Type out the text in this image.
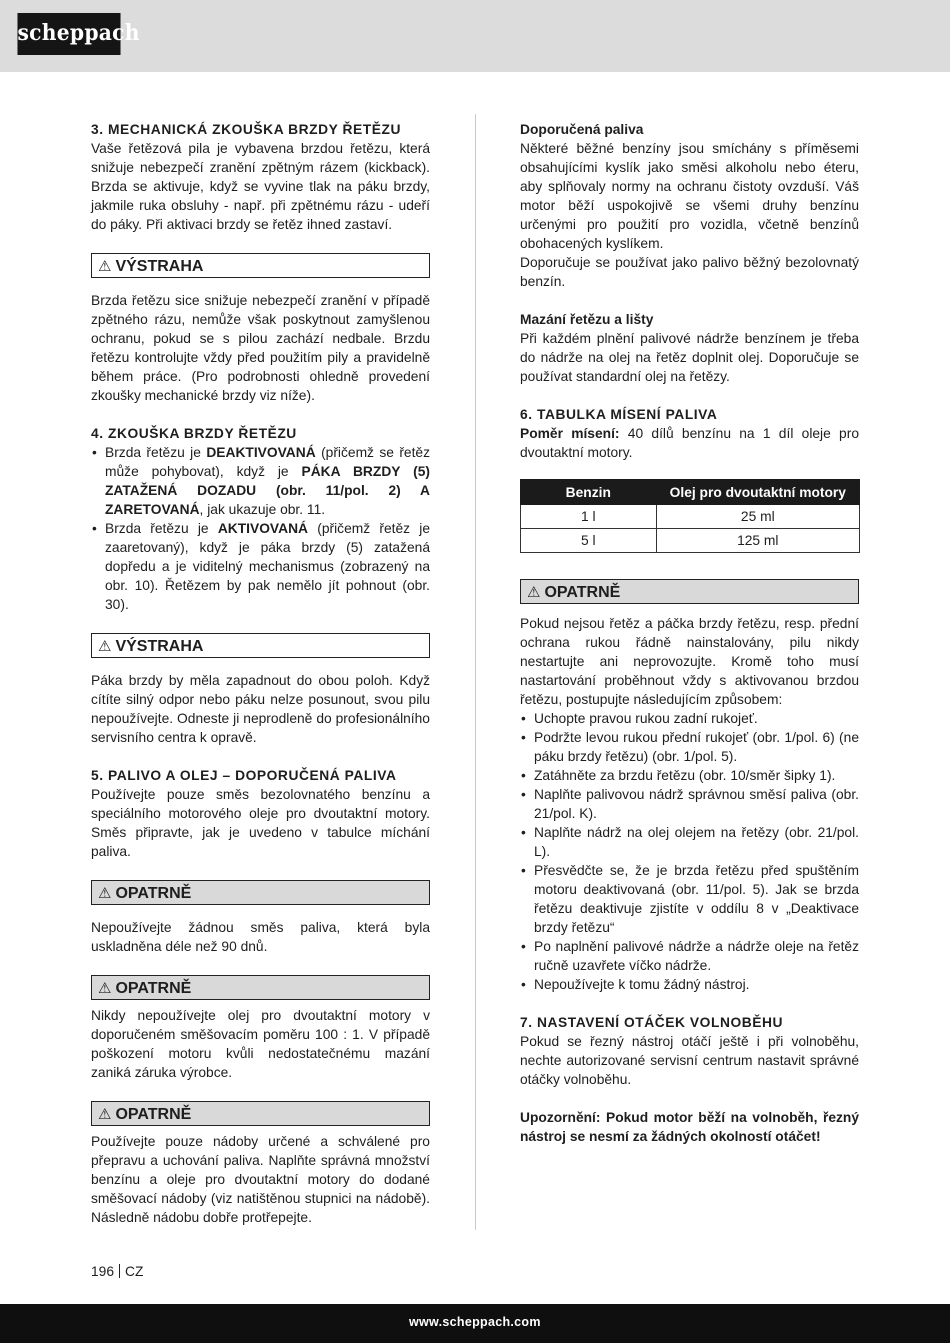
scheppach

3. MECHANICKÁ ZKOUŠKA BRZDY ŘETĚZU

Vaše řetězová pila je vybavena brzdou řetězu, která snižuje nebezpečí zranění zpětným rázem (kickback). Brzda se aktivuje, když se vyvine tlak na páku brzdy, jakmile ruka obsluhy - např. při zpětnému rázu - udeří do páky. Při aktivaci brzdy se řetěz ihned zastaví.

⚠ VÝSTRAHA

Brzda řetězu sice snižuje nebezpečí zranění v případě zpětného rázu, nemůže však poskytnout zamyšlenou ochranu, pokud se s pilou zachází nedbale. Brzdu řetězu kontrolujte vždy před použitím pily a pravidelně během práce. (Pro podrobnosti ohledně provedení zkoušky mechanické brzdy viz níže).

4. ZKOUŠKA BRZDY ŘETĚZU

• Brzda řetězu je DEAKTIVOVANÁ (přičemž se řetěz může pohybovat), když je PÁKA BRZDY (5) ZATAŽENÁ DOZADU (obr. 11/pol. 2) A ZARETOVANÁ, jak ukazuje obr. 11.
• Brzda řetězu je AKTIVOVANÁ (přičemž řetěz je zaaretovaný), když je páka brzdy (5) zatažená dopředu a je viditelný mechanismus (zobrazený na obr. 10). Řetězem by pak nemělo jít pohnout (obr. 30).
⚠ VÝSTRAHA

Páka brzdy by měla zapadnout do obou poloh. Když cítíte silný odpor nebo páku nelze posunout, svou pilu nepoužívejte. Odneste ji neprodleně do profesionálního servisního centra k opravě.

5. PALIVO A OLEJ – DOPORUČENÁ PALIVA

Používejte pouze směs bezolovnatého benzínu a speciálního motorového oleje pro dvoutaktní motory. Směs připravte, jak je uvedeno v tabulce míchání paliva.

⚠ OPATRNĚ

Nepoužívejte žádnou směs paliva, která byla uskladněna déle než 90 dnů.

⚠ OPATRNĚ

Nikdy nepoužívejte olej pro dvoutaktní motory v doporučeném směšovacím poměru 100 : 1. V případě poškození motoru kvůli nedostatečnému mazání zaniká záruka výrobce.

⚠ OPATRNĚ

Používejte pouze nádoby určené a schválené pro přepravu a uchování paliva. Naplňte správná množství benzínu a oleje pro dvoutaktní motory do dodané směšovací nádoby (viz natištěnou stupnici na nádobě). Následně nádobu dobře protřepejte.

Doporučená paliva

Některé běžné benzíny jsou smíchány s příměsemi obsahujícími kyslík jako směsi alkoholu nebo éteru, aby splňovaly normy na ochranu čistoty ovzduší. Váš motor běží uspokojivě se všemi druhy benzínu určenými pro použití pro vozidla, včetně benzínů obohacených kyslíkem.

Doporučuje se používat jako palivo běžný bezolovnatý benzín.

Mazání řetězu a lišty

Při každém plnění palivové nádrže benzínem je třeba do nádrže na olej na řetěz doplnit olej. Doporučuje se používat standardní olej na řetězy.

6. TABULKA MÍSENÍ PALIVA

Poměr mísení: 40 dílů benzínu na 1 díl oleje pro dvoutaktní motory.

Benzin	Olej pro dvoutaktní motory
1 l	25 ml
5 l	125 ml
⚠ OPATRNĚ

Pokud nejsou řetěz a páčka brzdy řetězu, resp. přední ochrana rukou řádně nainstalovány, pilu nikdy nestartujte ani neprovozujte. Kromě toho musí nastartování proběhnout vždy s aktivovanou brzdou řetězu, postupujte následujícím způsobem:

• Uchopte pravou rukou zadní rukojeť.
• Podržte levou rukou přední rukojeť (obr. 1/pol. 6) (ne páku brzdy řetězu) (obr. 1/pol. 5).
• Zatáhněte za brzdu řetězu (obr. 10/směr šipky 1).
• Naplňte palivovou nádrž správnou směsí paliva (obr. 21/pol. K).
• Naplňte nádrž na olej olejem na řetězy (obr. 21/pol. L).
• Přesvědčte se, že je brzda řetězu před spuštěním motoru deaktivovaná (obr. 11/pol. 5). Jak se brzda řetězu deaktivuje zjistíte v oddílu 8 v „Deaktivace brzdy řetězu“
• Po naplnění palivové nádrže a nádrže oleje na řetěz ručně uzavřete víčko nádrže.
• Nepoužívejte k tomu žádný nástroj.

7. NASTAVENÍ OTÁČEK VOLNOBĚHU

Pokud se řezný nástroj otáčí ještě i při volnoběhu, nechte autorizované servisní centrum nastavit správné otáčky volnoběhu.

Upozornění: Pokud motor běží na volnoběh, řezný nástroj se nesmí za žádných okolností otáčet!

196 CZ
www.scheppach.com
